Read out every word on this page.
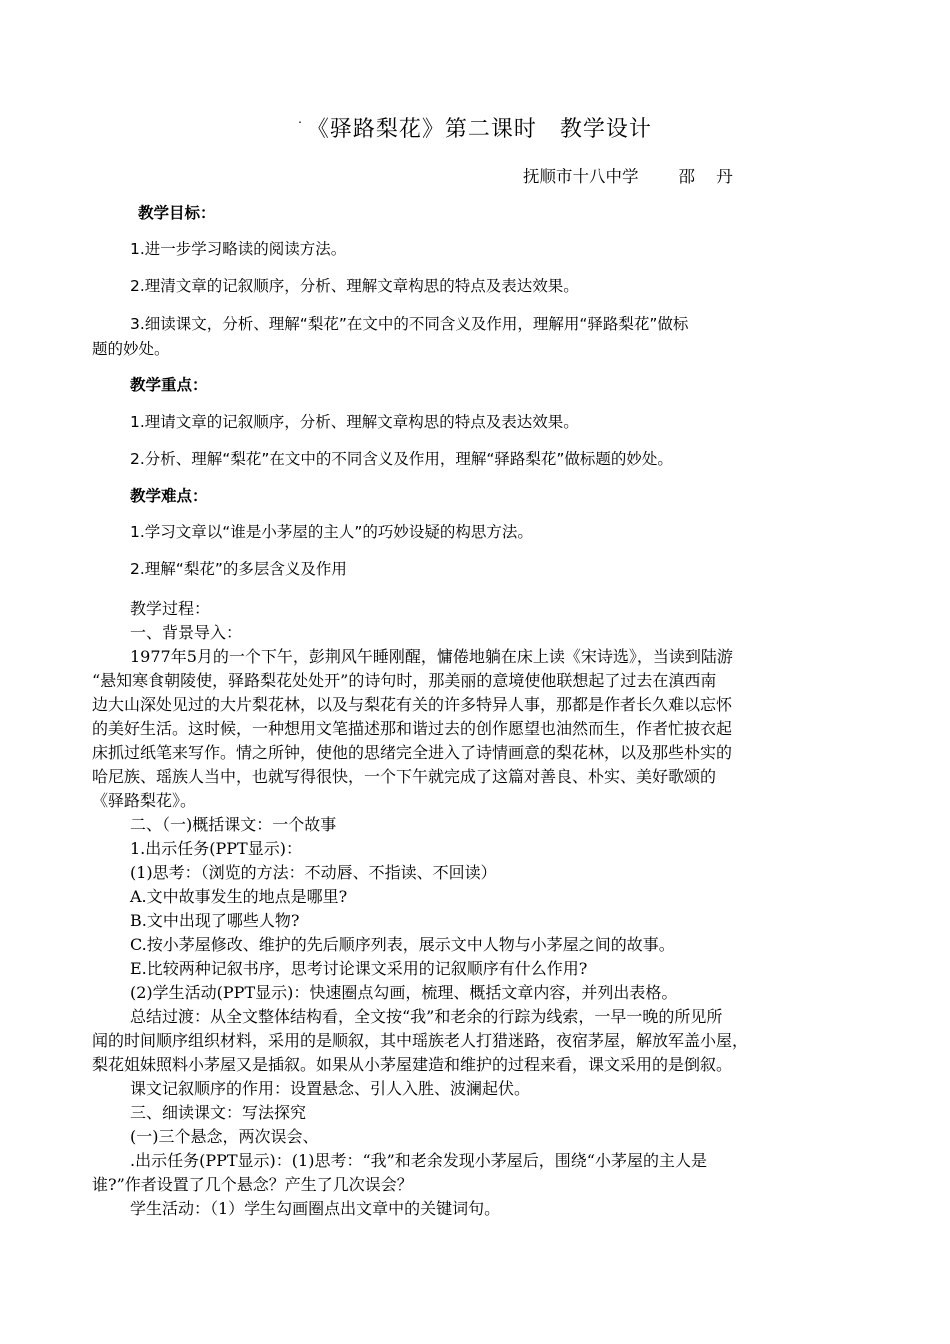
. 《驿路梨花》第二课时　教学设计
抚顺市十八中学 邵 丹
教学目标：
1.进一步学习略读的阅读方法。
2.理清文章的记叙顺序，分析、理解文章构思的特点及表达效果。
3.细读课文，分析、理解“梨花”在文中的不同含义及作用，理解用“驿路梨花”做标
题的妙处。
教学重点：
1.理请文章的记叙顺序，分析、理解文章构思的特点及表达效果。
2.分析、理解“梨花”在文中的不同含义及作用，理解“驿路梨花”做标题的妙处。
教学难点：
1.学习文章以“谁是小茅屋的主人”的巧妙设疑的构思方法。
2.理解“梨花”的多层含义及作用
教学过程：
一、背景导入：
1977年5月的一个下午，彭荆风午睡刚醒，慵倦地躺在床上读《宋诗选》，当读到陆游
“悬知寒食朝陵使，驿路梨花处处开”的诗句时，那美丽的意境使他联想起了过去在滇西南
边大山深处见过的大片梨花林，以及与梨花有关的许多特异人事，那都是作者长久难以忘怀
的美好生活。这时候，一种想用文笔描述那和谐过去的创作愿望也油然而生，作者忙披衣起
床抓过纸笔来写作。情之所钟，使他的思绪完全进入了诗情画意的梨花林，以及那些朴实的
哈尼族、瑶族人当中，也就写得很快，一个下午就完成了这篇对善良、朴实、美好歌颂的
《驿路梨花》。
二、（一)概括课文：一个故事
1.出示任务(PPT显示)：
(1)思考：（浏览的方法：不动唇、不指读、不回读）
A.文中故事发生的地点是哪里?
B.文中出现了哪些人物?
C.按小茅屋修改、维护的先后顺序列表，展示文中人物与小茅屋之间的故事。
E.比较两种记叙书序，思考讨论课文采用的记叙顺序有什么作用?
(2)学生活动(PPT显示)：快速圈点勾画，梳理、概括文章内容，并列出表格。
总结过渡：从全文整体结构看，全文按“我”和老余的行踪为线索，一早一晚的所见所
闻的时间顺序组织材料，采用的是顺叙，其中瑶族老人打猎迷路，夜宿茅屋，解放军盖小屋，
梨花姐妹照料小茅屋又是插叙。如果从小茅屋建造和维护的过程来看，课文采用的是倒叙。
课文记叙顺序的作用：设置悬念、引人入胜、波澜起伏。
三、细读课文：写法探究
(一)三个悬念，两次误会、
.出示任务(PPT显示)：(1)思考：“我”和老余发现小茅屋后，围绕“小茅屋的主人是
谁?”作者设置了几个悬念？产生了几次误会？
学生活动：（1）学生勾画圈点出文章中的关键词句。
